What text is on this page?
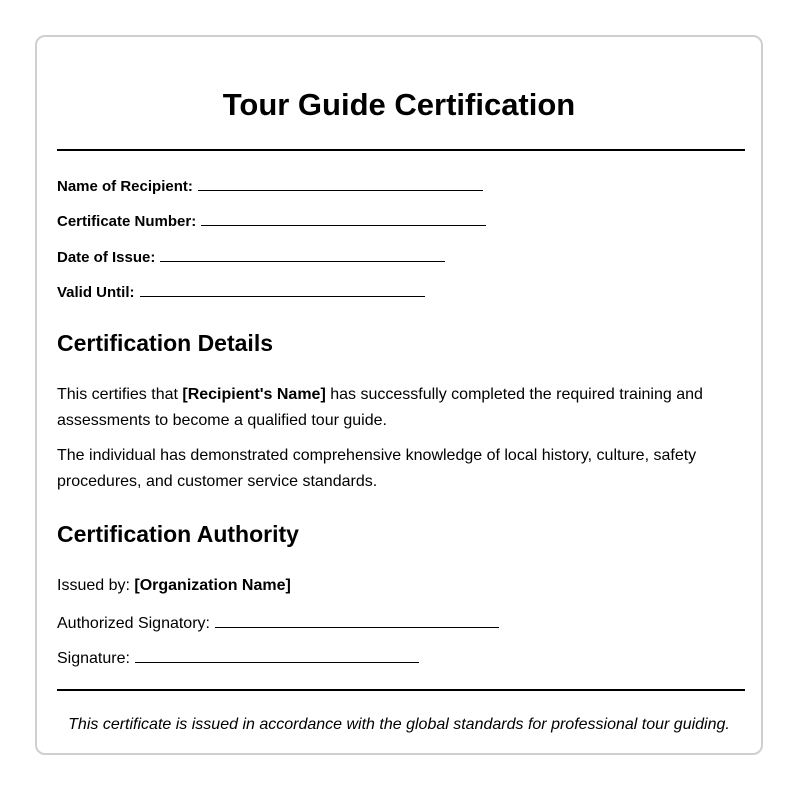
Tour Guide Certification
Name of Recipient:
Certificate Number:
Date of Issue:
Valid Until:
Certification Details

This certifies that [Recipient's Name] has successfully completed the required training and assessments to become a qualified tour guide.

The individual has demonstrated comprehensive knowledge of local history, culture, safety procedures, and customer service standards.

Certification Authority
Issued by: [Organization Name]
Authorized Signatory:
Signature:
This certificate is issued in accordance with the global standards for professional tour guiding.
